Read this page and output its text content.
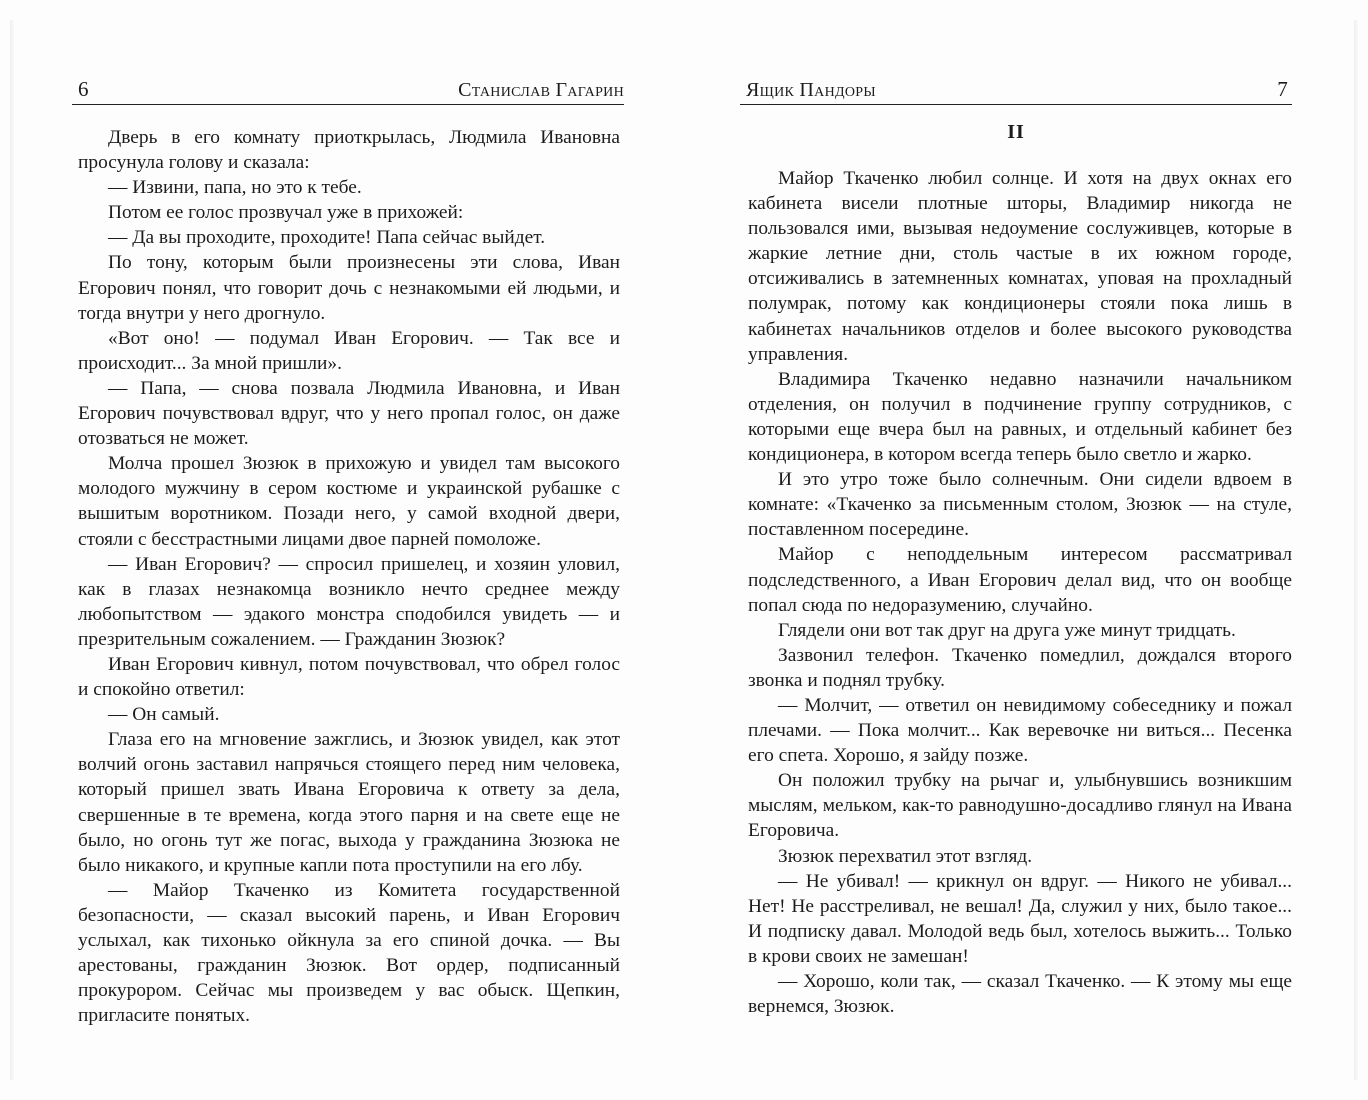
6	Станислав Гагарин

Дверь в его комнату приоткрылась, Людмила Ивановна просунула голову и сказала:

— Извини, папа, но это к тебе.

Потом ее голос прозвучал уже в прихожей:

— Да вы проходите, проходите! Папа сейчас выйдет.

По тону, которым были произнесены эти слова, Иван Егорович понял, что говорит дочь с незнакомыми ей людьми, и тогда внутри у него дрогнуло.

«Вот оно! — подумал Иван Егорович. — Так все и происходит... За мной пришли».

— Папа, — снова позвала Людмила Ивановна, и Иван Егорович почувствовал вдруг, что у него пропал голос, он даже отозваться не может.

Молча прошел Зюзюк в прихожую и увидел там высокого молодого мужчину в сером костюме и украинской рубашке с вышитым воротником. Позади него, у самой входной двери, стояли с бесстрастными лицами двое парней помоложе.

— Иван Егорович? — спросил пришелец, и хозяин уловил, как в глазах незнакомца возникло нечто среднее между любопытством — эдакого монстра сподобился увидеть — и презрительным сожалением. — Гражданин Зюзюк?

Иван Егорович кивнул, потом почувствовал, что обрел голос и спокойно ответил:

— Он самый.

Глаза его на мгновение зажглись, и Зюзюк увидел, как этот волчий огонь заставил напрячься стоящего перед ним человека, который пришел звать Ивана Егоровича к ответу за дела, свершенные в те времена, когда этого парня и на свете еще не было, но огонь тут же погас, выхода у гражданина Зюзюка не было никакого, и крупные капли пота проступили на его лбу.

— Майор Ткаченко из Комитета государственной безопасности, — сказал высокий парень, и Иван Егорович услыхал, как тихонько ойкнула за его спиной дочка. — Вы арестованы, гражданин Зюзюк. Вот ордер, подписанный прокурором. Сейчас мы произведем у вас обыск. Щепкин, пригласите понятых.

Ящик Пандоры	7
II

Майор Ткаченко любил солнце. И хотя на двух окнах его кабинета висели плотные шторы, Владимир никогда не пользовался ими, вызывая недоумение сослуживцев, которые в жаркие летние дни, столь частые в их южном городе, отсиживались в затемненных комнатах, уповая на прохладный полумрак, потому как кондиционеры стояли пока лишь в кабинетах начальников отделов и более высокого руководства управления.

Владимира Ткаченко недавно назначили начальником отделения, он получил в подчинение группу сотрудников, с которыми еще вчера был на равных, и отдельный кабинет без кондиционера, в котором всегда теперь было светло и жарко.

И это утро тоже было солнечным. Они сидели вдвоем в комнате: «Ткаченко за письменным столом, Зюзюк — на стуле, поставленном посередине.

Майор с неподдельным интересом рассматривал подследственного, а Иван Егорович делал вид, что он вообще попал сюда по недоразумению, случайно.

Глядели они вот так друг на друга уже минут тридцать.

Зазвонил телефон. Ткаченко помедлил, дождался второго звонка и поднял трубку.

— Молчит, — ответил он невидимому собеседнику и пожал плечами. — Пока молчит... Как веревочке ни виться... Песенка его спета. Хорошо, я зайду позже.

Он положил трубку на рычаг и, улыбнувшись возникшим мыслям, мельком, как-то равнодушно-досадливо глянул на Ивана Егоровича.

Зюзюк перехватил этот взгляд.

— Не убивал! — крикнул он вдруг. — Никого не убивал... Нет! Не расстреливал, не вешал! Да, служил у них, было такое... И подписку давал. Молодой ведь был, хотелось выжить... Только в крови своих не замешан!

— Хорошо, коли так, — сказал Ткаченко. — К этому мы еще вернемся, Зюзюк.
